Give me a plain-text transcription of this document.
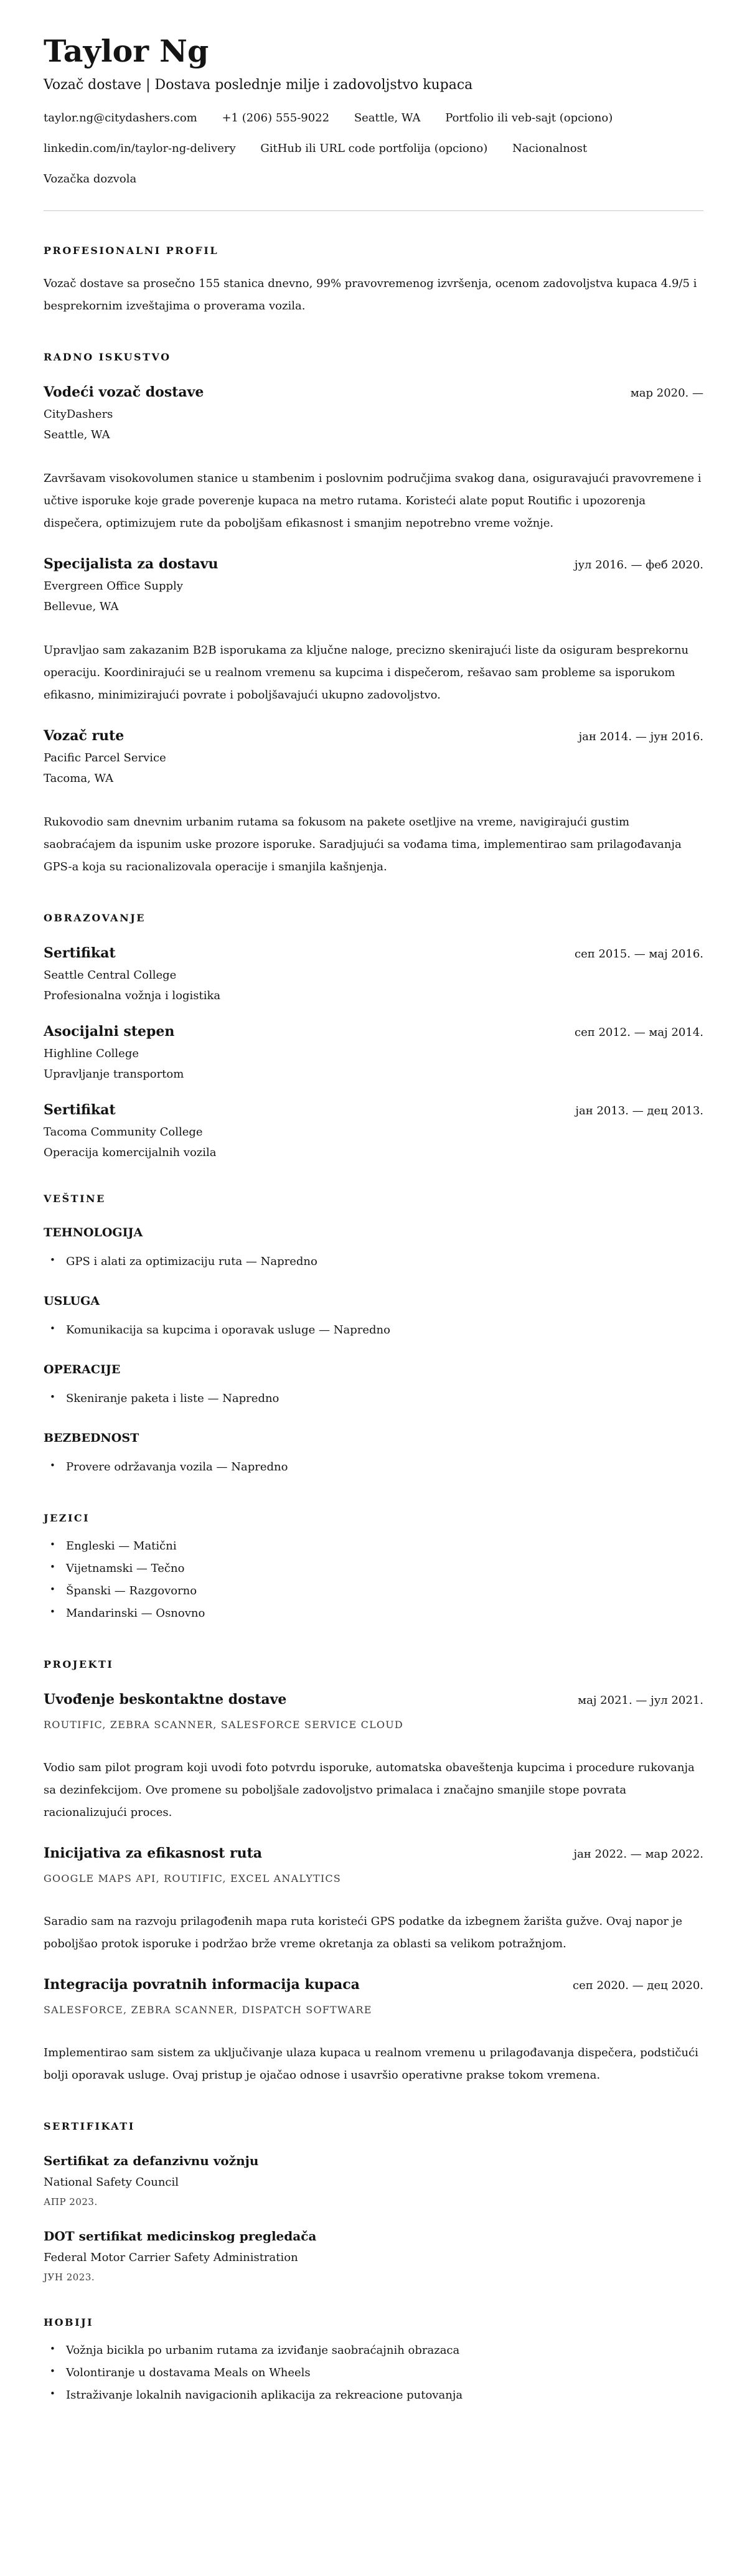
Taylor Ng

Vozač dostave | Dostava poslednje milje i zadovoljstvo kupaca

taylor.ng@citydashers.com +1 (206) 555-9022 Seattle, WA Portfolio ili veb-sajt (opciono)
linkedin.com/in/taylor-ng-delivery GitHub ili URL code portfolija (opciono) Nacionalnost
Vozačka dozvola
PROFESIONALNI PROFIL

Vozač dostave sa prosečno 155 stanica dnevno, 99% pravovremenog izvršenja, ocenom zadovoljstva kupaca 4.9/5 i besprekornim izveštajima o proverama vozila.

RADNO ISKUSTVO
Vodeći vozač dostave	мар 2020. —
CityDashers
Seattle, WA

Završavam visokovolumen stanice u stambenim i poslovnim područjima svakog dana, osiguravajući pravovremene i učtive isporuke koje grade poverenje kupaca na metro rutama. Koristeći alate poput Routific i upozorenja dispečera, optimizujem rute da poboljšam efikasnost i smanjim nepotrebno vreme vožnje.

Specijalista za dostavu	јул 2016. — феб 2020.
Evergreen Office Supply
Bellevue, WA

Upravljao sam zakazanim B2B isporukama za ključne naloge, precizno skenirajući liste da osiguram besprekornu operaciju. Koordinirajući se u realnom vremenu sa kupcima i dispečerom, rešavao sam probleme sa isporukom efikasno, minimizirajući povrate i poboljšavajući ukupno zadovoljstvo.

Vozač rute	јан 2014. — јун 2016.
Pacific Parcel Service
Tacoma, WA

Rukovodio sam dnevnim urbanim rutama sa fokusom na pakete osetljive na vreme, navigirajući gustim saobraćajem da ispunim uske prozore isporuke. Saradjujući sa vođama tima, implementirao sam prilagođavanja GPS-a koja su racionalizovala operacije i smanjila kašnjenja.

OBRAZOVANJE
Sertifikat	сеп 2015. — мај 2016.
Seattle Central College
Profesionalna vožnja i logistika
Asocijalni stepen	сеп 2012. — мај 2014.
Highline College
Upravljanje transportom
Sertifikat	јан 2013. — дец 2013.
Tacoma Community College
Operacija komercijalnih vozila
VEŠTINE
TEHNOLOGIJA
• GPS i alati za optimizaciju ruta — Napredno
USLUGA
• Komunikacija sa kupcima i oporavak usluge — Napredno
OPERACIJE
• Skeniranje paketa i liste — Napredno
BEZBEDNOST
• Provere održavanja vozila — Napredno
JEZICI
• Engleski — Matični
• Vijetnamski — Tečno
• Španski — Razgovorno
• Mandarinski — Osnovno
PROJEKTI
Uvođenje beskontaktne dostave	мај 2021. — јул 2021.
ROUTIFIC, ZEBRA SCANNER, SALESFORCE SERVICE CLOUD

Vodio sam pilot program koji uvodi foto potvrdu isporuke, automatska obaveštenja kupcima i procedure rukovanja sa dezinfekcijom. Ove promene su poboljšale zadovoljstvo primalaca i značajno smanjile stope povrata racionalizujući proces.

Inicijativa za efikasnost ruta	јан 2022. — мар 2022.
GOOGLE MAPS API, ROUTIFIC, EXCEL ANALYTICS

Saradio sam na razvoju prilagođenih mapa ruta koristeći GPS podatke da izbegnem žarišta gužve. Ovaj napor je poboljšao protok isporuke i podržao brže vreme okretanja za oblasti sa velikom potražnjom.

Integracija povratnih informacija kupaca	сеп 2020. — дец 2020.
SALESFORCE, ZEBRA SCANNER, DISPATCH SOFTWARE

Implementirao sam sistem za uključivanje ulaza kupaca u realnom vremenu u prilagođavanja dispečera, podstičući bolji oporavak usluge. Ovaj pristup je ojačao odnose i usavršio operativne prakse tokom vremena.

SERTIFIKATI
Sertifikat za defanzivnu vožnju
National Safety Council
АПР 2023.
DOT sertifikat medicinskog pregledača
Federal Motor Carrier Safety Administration
ЈУН 2023.
HOBIJI
• Vožnja bicikla po urbanim rutama za izviđanje saobraćajnih obrazaca
• Volontiranje u dostavama Meals on Wheels
• Istraživanje lokalnih navigacionih aplikacija za rekreacione putovanja
